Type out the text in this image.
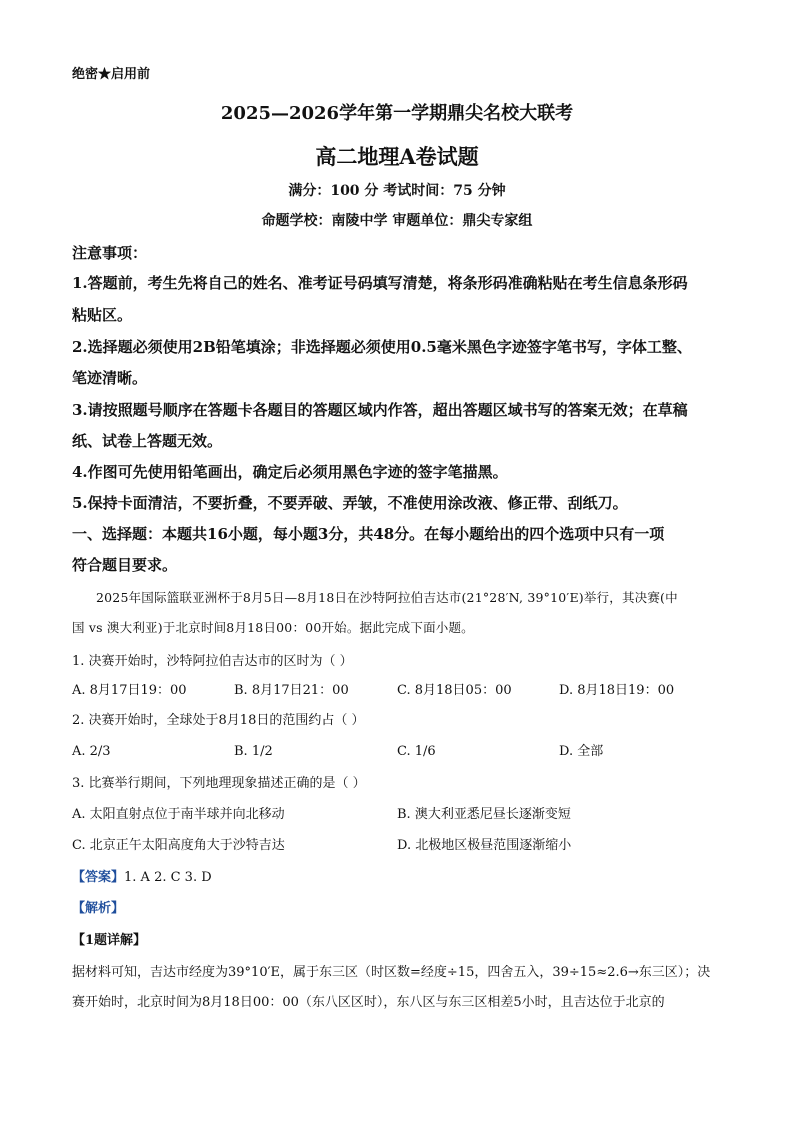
绝密★启用前
2025—2026学年第一学期鼎尖名校大联考
高二地理A卷试题
满分：100 分 考试时间：75 分钟
命题学校：南陵中学 审题单位：鼎尖专家组
注意事项：
1.答题前，考生先将自己的姓名、准考证号码填写清楚，将条形码准确粘贴在考生信息条形码
粘贴区。
2.选择题必须使用2B铅笔填涂；非选择题必须使用0.5毫米黑色字迹签字笔书写，字体工整、
笔迹清晰。
3.请按照题号顺序在答题卡各题目的答题区域内作答，超出答题区域书写的答案无效；在草稿
纸、试卷上答题无效。
4.作图可先使用铅笔画出，确定后必须用黑色字迹的签字笔描黑。
5.保持卡面清洁，不要折叠，不要弄破、弄皱，不准使用涂改液、修正带、刮纸刀。
一、选择题：本题共16小题，每小题3分，共48分。在每小题给出的四个选项中只有一项
符合题目要求。
2025年国际篮联亚洲杯于8月5日—8月18日在沙特阿拉伯吉达市(21°28′N, 39°10′E)举行，其决赛(中
国 vs 澳大利亚)于北京时间8月18日00：00开始。据此完成下面小题。
1. 决赛开始时，沙特阿拉伯吉达市的区时为（ ）
A. 8月17日19：00	B. 8月17日21：00	C. 8月18日05：00	D. 8月18日19：00
2. 决赛开始时，全球处于8月18日的范围约占（ ）
A. 2/3	B. 1/2	C. 1/6	D. 全部
3. 比赛举行期间，下列地理现象描述正确的是（ ）
A. 太阳直射点位于南半球并向北移动	B. 澳大利亚悉尼昼长逐渐变短
C. 北京正午太阳高度角大于沙特吉达	D. 北极地区极昼范围逐渐缩小
【答案】1. A 2. C 3. D
【解析】
【1题详解】
据材料可知，吉达市经度为39°10′E，属于东三区（时区数=经度÷15，四舍五入，39÷15≈2.6→东三区）；决
赛开始时，北京时间为8月18日00：00（东八区区时），东八区与东三区相差5小时，且吉达位于北京的
